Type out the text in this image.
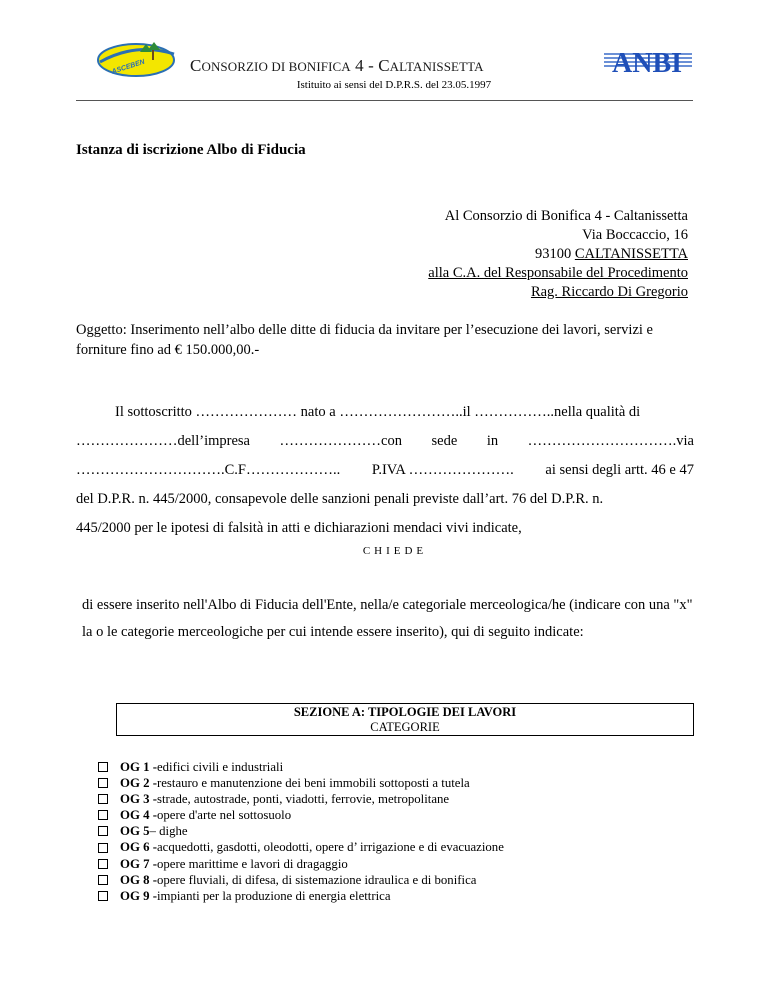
ASCEBEN	ANBI
CONSORZIO DI BONIFICA 4 - CALTANISSETTA
Istituito ai sensi del D.P.R.S. del 23.05.1997
Istanza di iscrizione Albo di Fiducia
Al Consorzio di Bonifica 4 - Caltanissetta
Via Boccaccio, 16
93100 CALTANISSETTA
alla C.A. del Responsabile del Procedimento
Rag. Riccardo Di Gregorio
Oggetto: Inserimento nell’albo delle ditte di fiducia da invitare per l’esecuzione dei lavori, servizi e forniture fino ad € 150.000,00.-
Il sottoscritto ………………… nato a ……………………..il ……………..nella qualità di
…………………dell’impresa …………………con sede in ………………………….via
………………………….C.F……………….. P.IVA …………………. ai sensi degli artt. 46 e 47
del D.P.R. n. 445/2000, consapevole delle sanzioni penali previste dall’art. 76 del D.P.R. n.
445/2000 per le ipotesi di falsità in atti e dichiarazioni mendaci vivi indicate,
CHIEDE
di essere inserito nell'Albo di Fiducia dell'Ente, nella/e categoriale merceologica/he (indicare con una "x" la o le categorie merceologiche per cui intende essere inserito), qui di seguito indicate:
SEZIONE A: TIPOLOGIE DEI LAVORI
CATEGORIE
OG 1 - edifici civili e industriali
OG 2 - restauro e manutenzione dei beni immobili sottoposti a tutela
OG 3 - strade, autostrade, ponti, viadotti, ferrovie, metropolitane
OG 4 - opere d'arte nel sottosuolo
OG 5 – dighe
OG 6 - acquedotti, gasdotti, oleodotti, opere d’ irrigazione e di evacuazione
OG 7 - opere marittime e lavori di dragaggio
OG 8 - opere fluviali, di difesa, di sistemazione idraulica e di bonifica
OG 9 - impianti per la produzione di energia elettrica
